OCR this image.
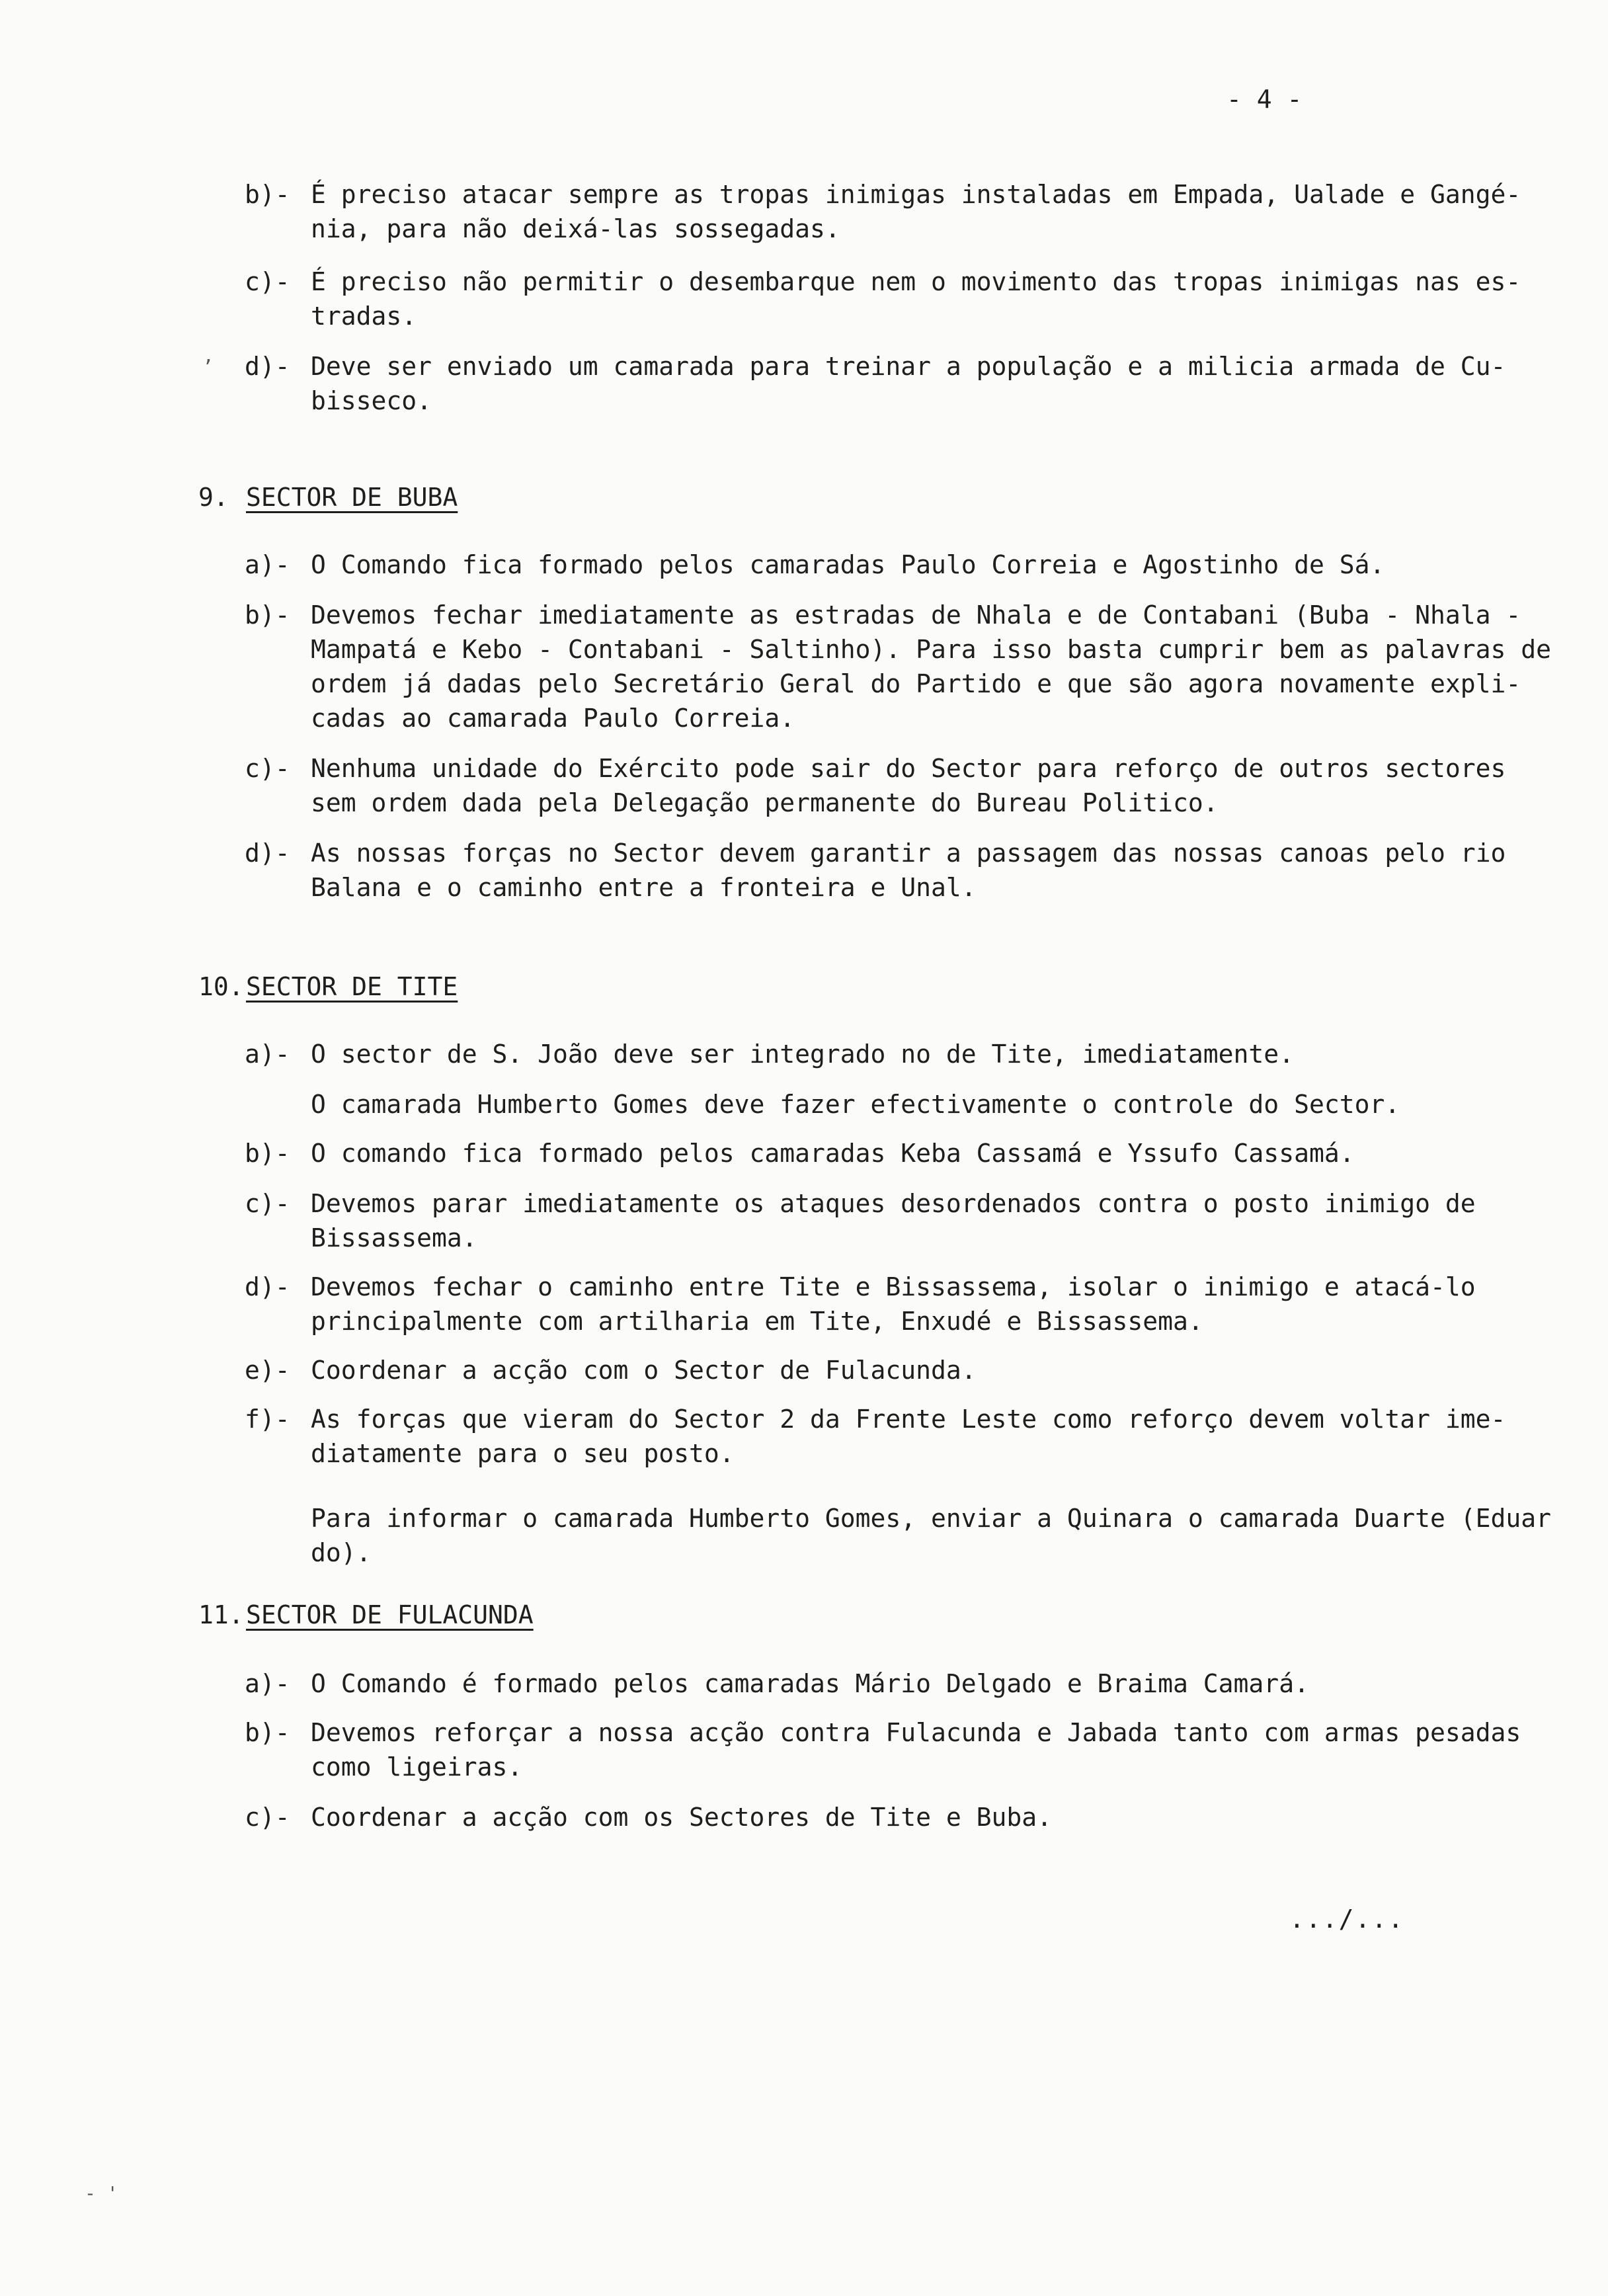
- 4 -
b)- É preciso atacar sempre as tropas inimigas instaladas em Empada, Ualade e Gangé-nia, para não deixá-las sossegadas.
c)- É preciso não permitir o desembarque nem o movimento das tropas inimigas nas es-tradas.
’ d)- Deve ser enviado um camarada para treinar a população e a milicia armada de Cu-bisseco.
9. SECTOR DE BUBA
a)- O Comando fica formado pelos camaradas Paulo Correia e Agostinho de Sá.
b)- Devemos fechar imediatamente as estradas de Nhala e de Contabani (Buba - Nhala - Mampatá e Kebo - Contabani - Saltinho). Para isso basta cumprir bem as palavras de ordem já dadas pelo Secretário Geral do Partido e que são agora novamente expli-cadas ao camarada Paulo Correia.
c)- Nenhuma unidade do Exército pode sair do Sector para reforço de outros sectores sem ordem dada pela Delegação permanente do Bureau Politico.
d)- As nossas forças no Sector devem garantir a passagem das nossas canoas pelo rio Balana e o caminho entre a fronteira e Unal.
10.SECTOR DE TITE
a)- O sector de S. João deve ser integrado no de Tite, imediatamente.
O camarada Humberto Gomes deve fazer efectivamente o controle do Sector.
b)- O comando fica formado pelos camaradas Keba Cassamá e Yssufo Cassamá.
c)- Devemos parar imediatamente os ataques desordenados contra o posto inimigo de Bissassema.
d)- Devemos fechar o caminho entre Tite e Bissassema, isolar o inimigo e atacá-lo principalmente com artilharia em Tite, Enxudé e Bissassema.
e)- Coordenar a acção com o Sector de Fulacunda.
f)- As forças que vieram do Sector 2 da Frente Leste como reforço devem voltar ime-diatamente para o seu posto.
Para informar o camarada Humberto Gomes, enviar a Quinara o camarada Duarte (Eduar do).
11.SECTOR DE FULACUNDA
a)- O Comando é formado pelos camaradas Mário Delgado e Braima Camará.
b)- Devemos reforçar a nossa acção contra Fulacunda e Jabada tanto com armas pesadas como ligeiras.
c)- Coordenar a acção com os Sectores de Tite e Buba.
.../...
- '
